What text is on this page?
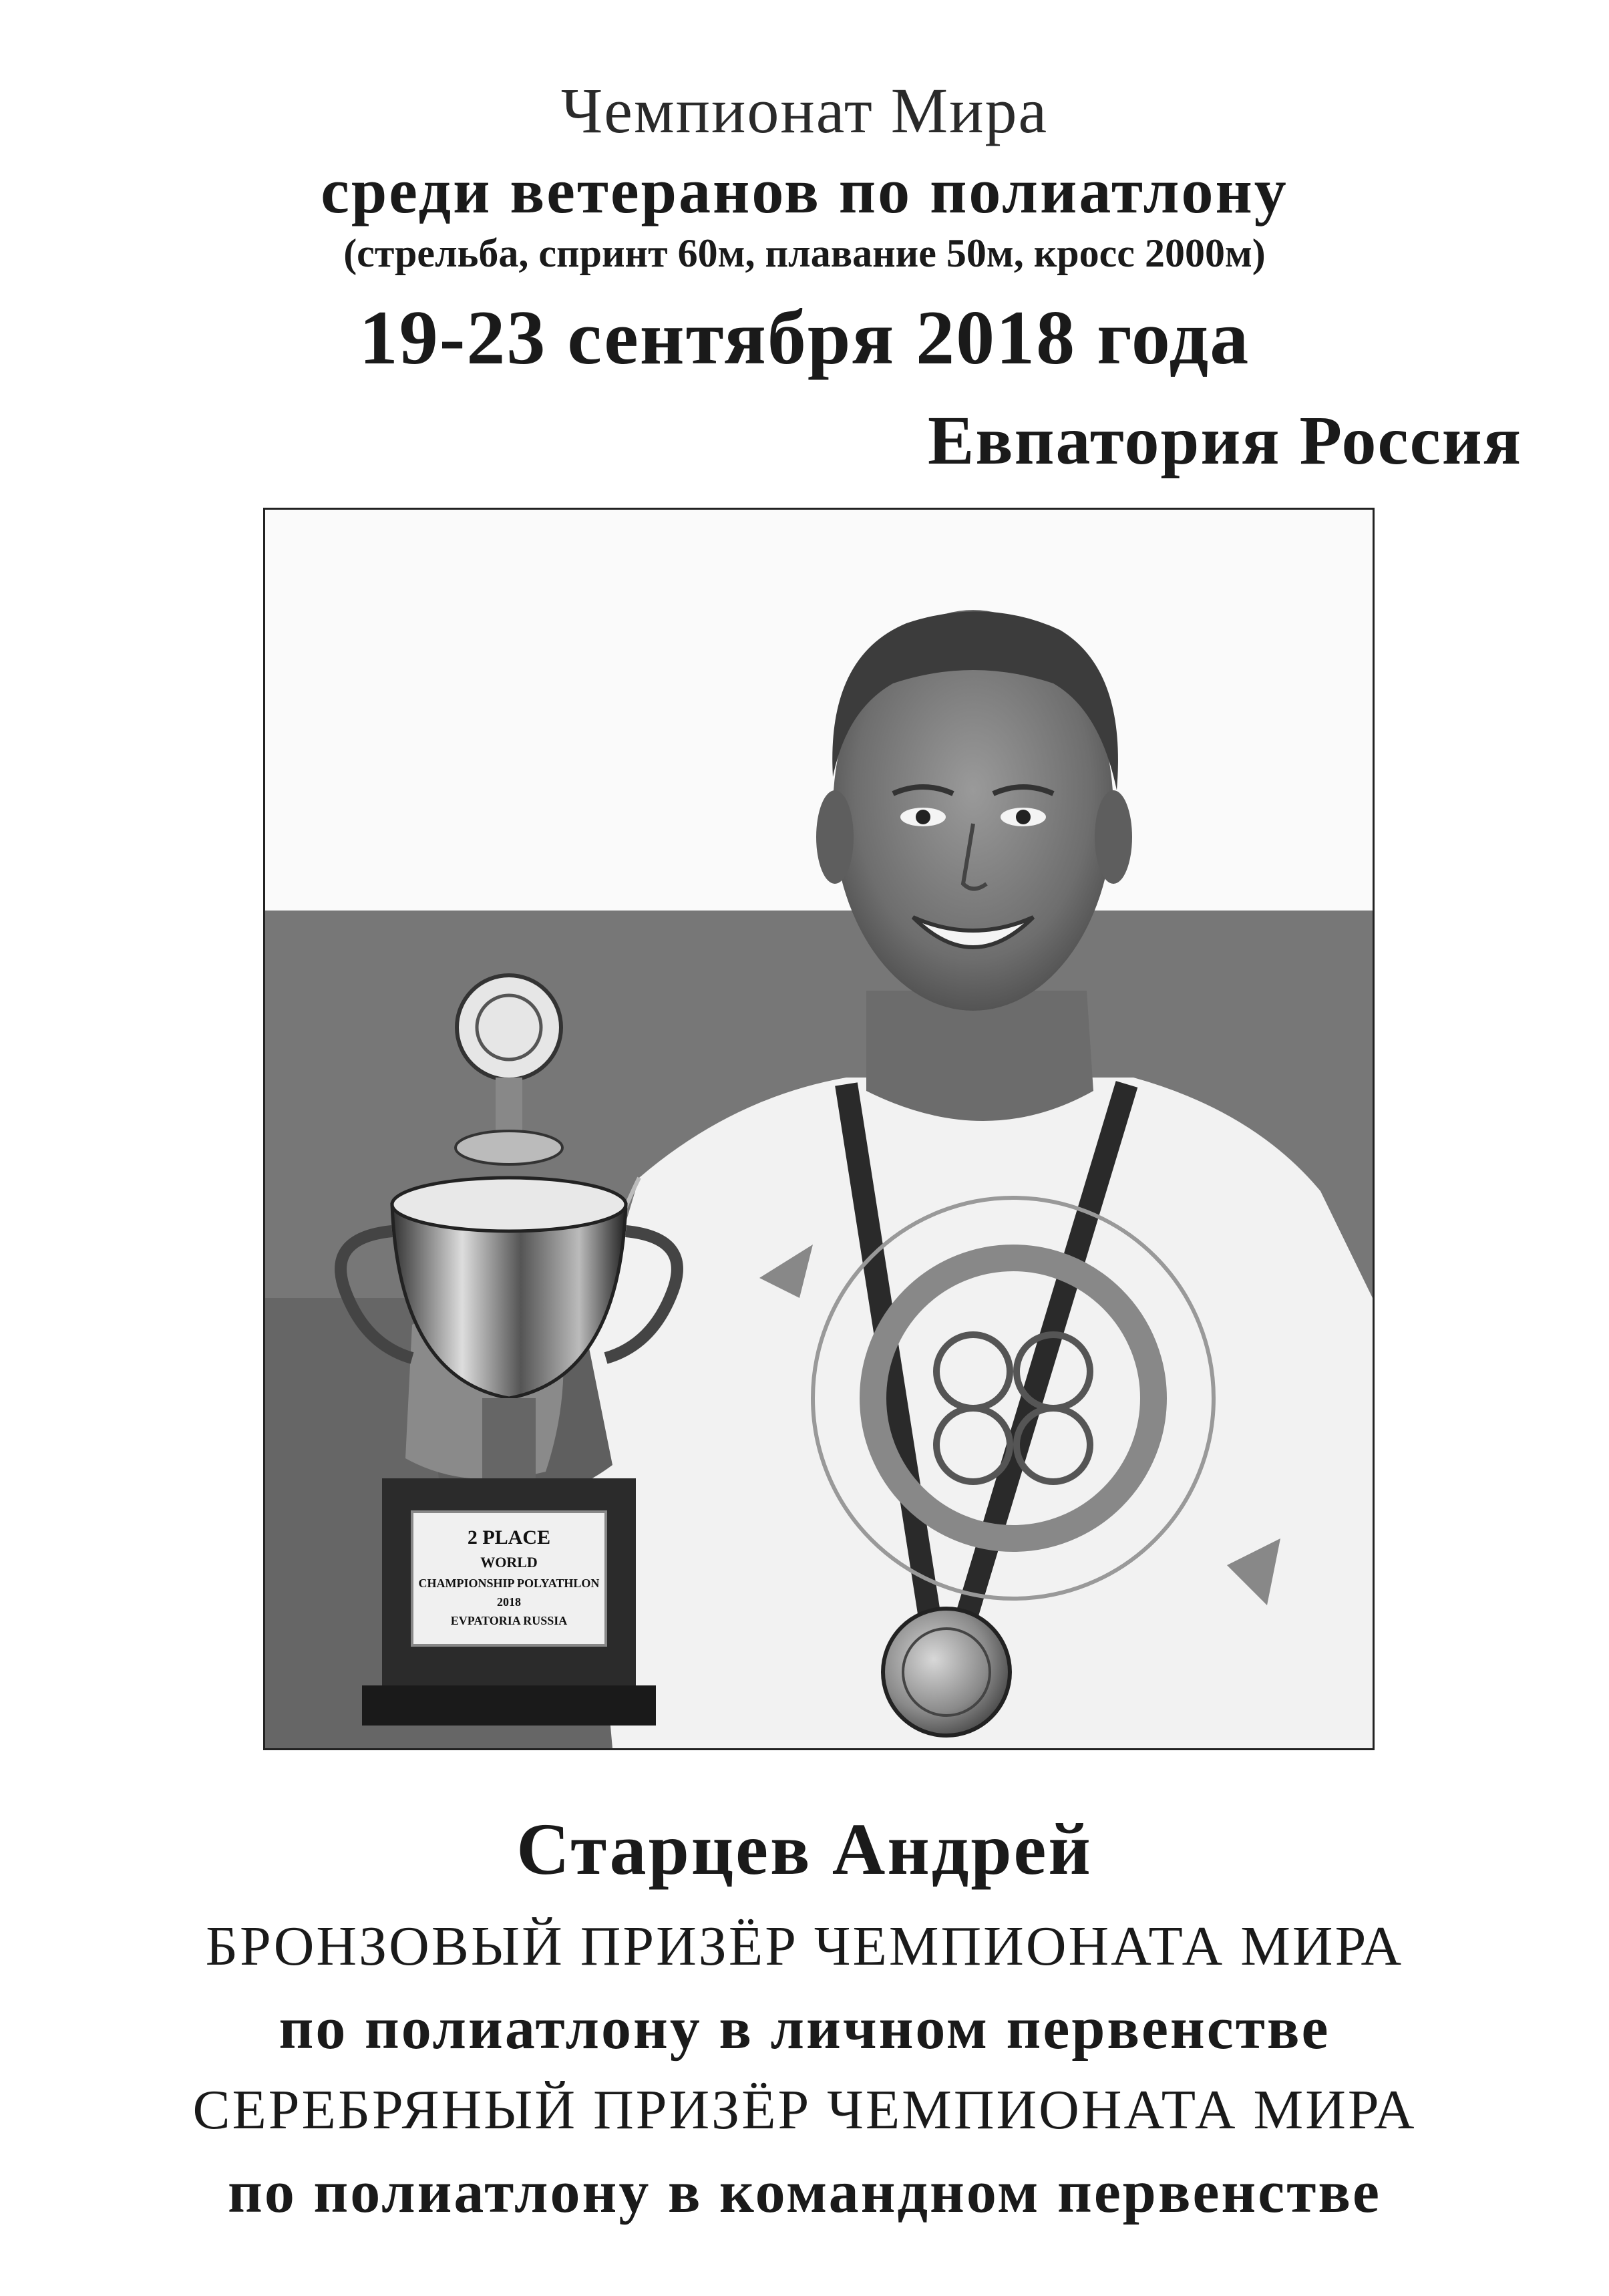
Чемпионат Мира
среди ветеранов по полиатлону
(стрельба, спринт 60м, плавание 50м, кросс 2000м)
19-23 сентября 2018 года
Евпатория Россия
2 PLACE
WORLD
CHAMPIONSHIP POLYATHLON
2018
EVPATORIA RUSSIA
Старцев Андрей
БРОНЗОВЫЙ ПРИЗЁР ЧЕМПИОНАТА МИРА
по полиатлону в личном первенстве
СЕРЕБРЯНЫЙ ПРИЗЁР ЧЕМПИОНАТА МИРА
по полиатлону в командном первенстве
